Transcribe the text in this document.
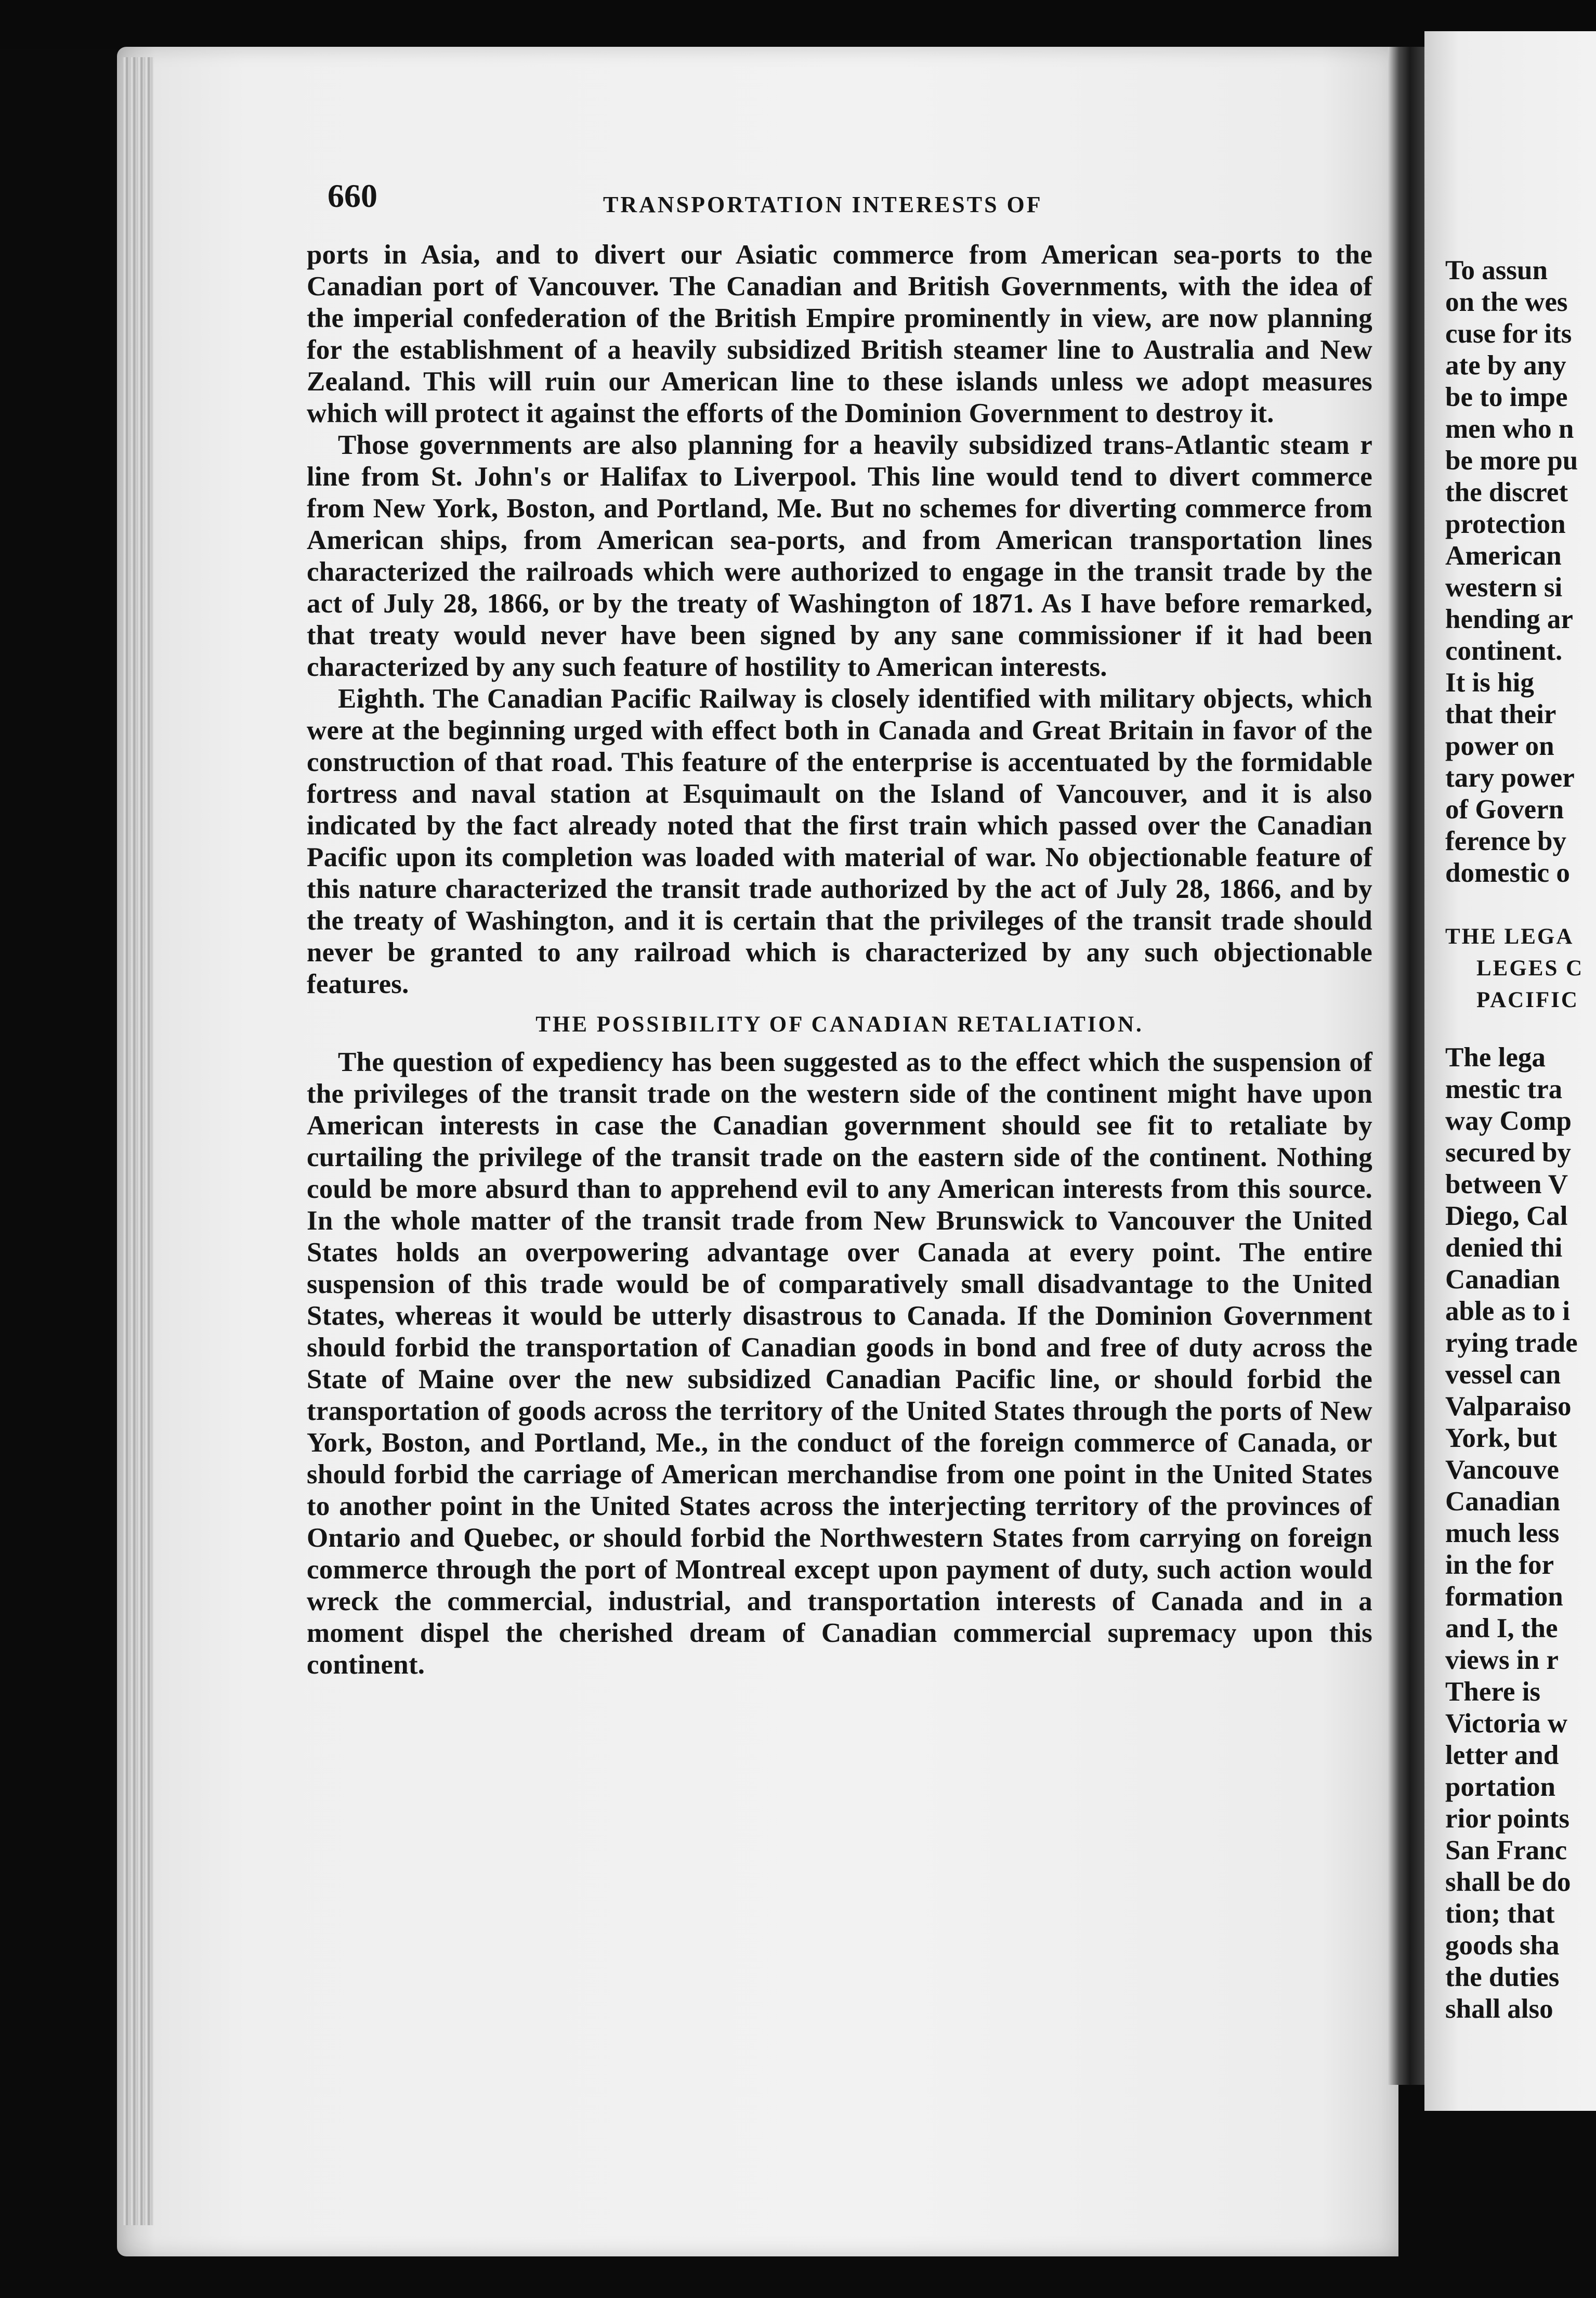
660	TRANSPORTATION INTERESTS OF

ports in Asia, and to divert our Asiatic commerce from American sea-ports to the Canadian port of Vancouver. The Canadian and British Governments, with the idea of the imperial confederation of the British Empire prominently in view, are now planning for the establishment of a heavily subsidized British steamer line to Australia and New Zealand. This will ruin our American line to these islands unless we adopt measures which will protect it against the efforts of the Dominion Government to destroy it.

Those governments are also planning for a heavily subsidized trans-Atlantic steam r line from St. John's or Halifax to Liverpool. This line would tend to divert commerce from New York, Boston, and Portland, Me. But no schemes for diverting commerce from American ships, from American sea-ports, and from American transportation lines characterized the railroads which were authorized to engage in the transit trade by the act of July 28, 1866, or by the treaty of Washington of 1871. As I have before remarked, that treaty would never have been signed by any sane commissioner if it had been characterized by any such feature of hostility to American interests.

Eighth. The Canadian Pacific Railway is closely identified with military objects, which were at the beginning urged with effect both in Canada and Great Britain in favor of the construction of that road. This feature of the enterprise is accentuated by the formidable fortress and naval station at Esquimault on the Island of Vancouver, and it is also indicated by the fact already noted that the first train which passed over the Canadian Pacific upon its completion was loaded with material of war. No objectionable feature of this nature characterized the transit trade authorized by the act of July 28, 1866, and by the treaty of Washington, and it is certain that the privileges of the transit trade should never be granted to any railroad which is characterized by any such objectionable features.

THE POSSIBILITY OF CANADIAN RETALIATION.

The question of expediency has been suggested as to the effect which the suspension of the privileges of the transit trade on the western side of the continent might have upon American interests in case the Canadian government should see fit to retaliate by curtailing the privilege of the transit trade on the eastern side of the continent. Nothing could be more absurd than to apprehend evil to any American interests from this source. In the whole matter of the transit trade from New Brunswick to Vancouver the United States holds an overpowering advantage over Canada at every point. The entire suspension of this trade would be of comparatively small disadvantage to the United States, whereas it would be utterly disastrous to Canada. If the Dominion Government should forbid the transportation of Canadian goods in bond and free of duty across the State of Maine over the new subsidized Canadian Pacific line, or should forbid the transportation of goods across the territory of the United States through the ports of New York, Boston, and Portland, Me., in the conduct of the foreign commerce of Canada, or should forbid the carriage of American merchandise from one point in the United States to another point in the United States across the interjecting territory of the provinces of Ontario and Quebec, or should forbid the Northwestern States from carrying on foreign commerce through the port of Montreal except upon payment of duty, such action would wreck the commercial, industrial, and transportation interests of Canada and in a moment dispel the cherished dream of Canadian commercial supremacy upon this continent.

To assun
on the wes
cuse for its
ate by any
be to impe
men who n
be more pu
the discret
protection
American
western si
hending ar
continent.
It is hig
that their
power on
tary power
of Govern
ference by
domestic o
THE LEGA
LEGES C
PACIFIC
The lega
mestic tra
way Comp
secured by
between V
Diego, Cal
denied thi
Canadian
able as to i
rying trade
vessel can
Valparaiso
York, but
Vancouve
Canadian
much less
in the for
formation
and I, the
views in r
There is
Victoria w
letter and
portation
rior points
San Franc
shall be do
tion; that
goods sha
the duties
shall also
